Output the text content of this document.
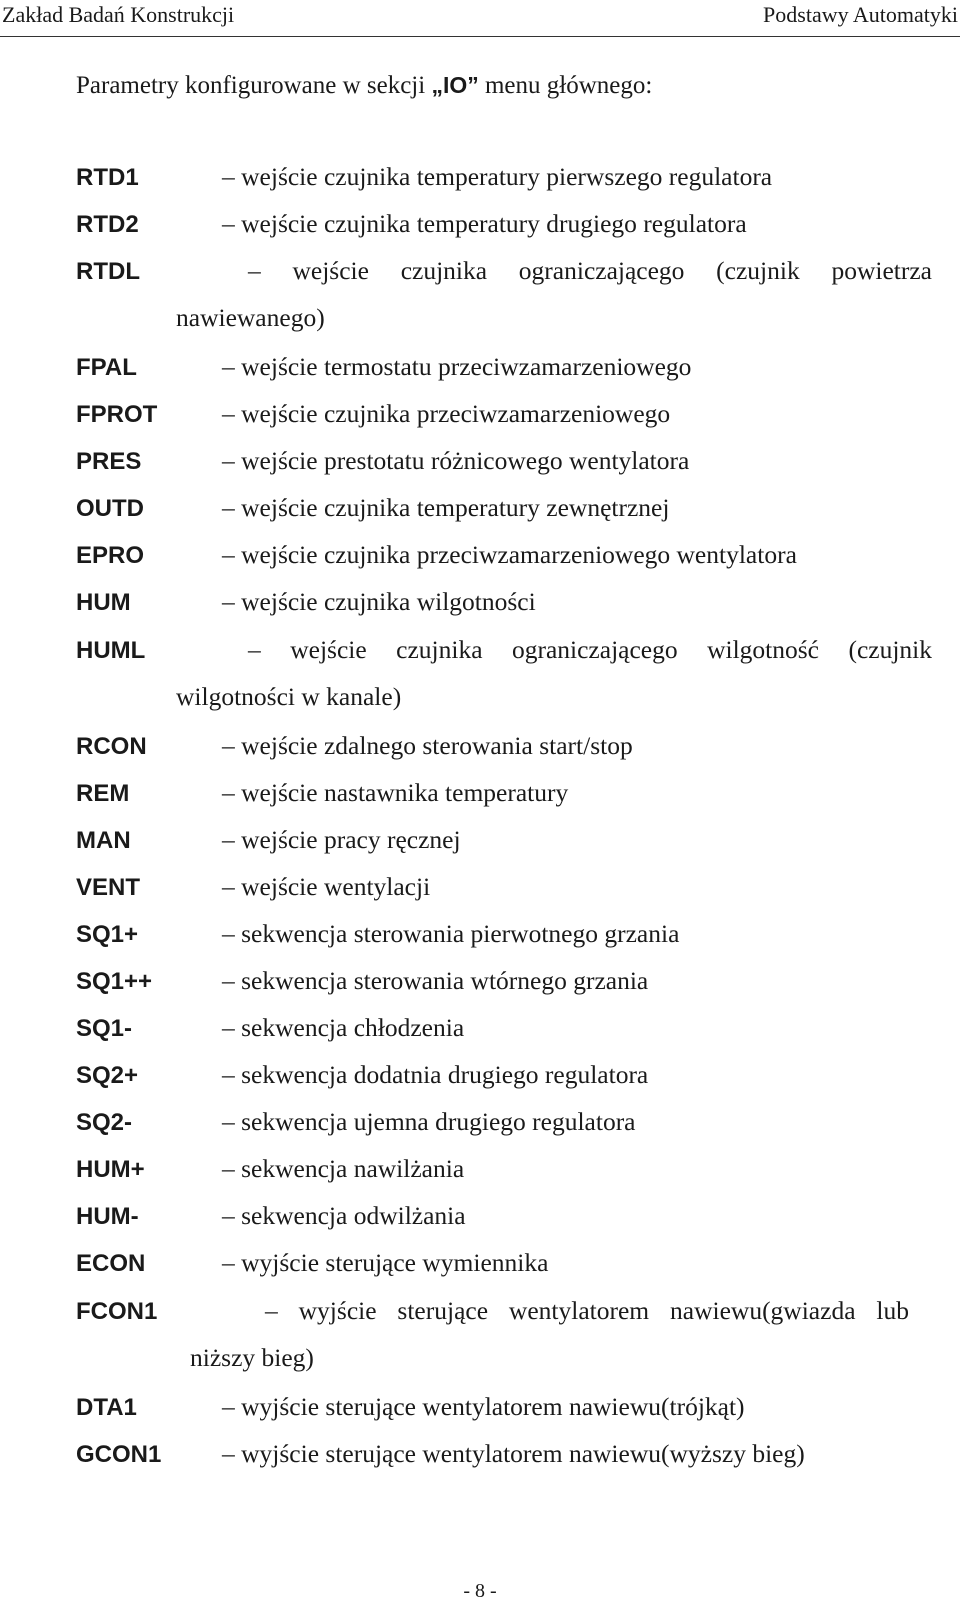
Zakład Badań Konstrukcji	Podstawy Automatyki
Parametry konfigurowane w sekcji „IO” menu głównego:
RTD1	– wejście czujnika temperatury pierwszego regulatora
RTD2	– wejście czujnika temperatury drugiego regulatora
RTDL	– wejście czujnika ograniczającego (czujnik powietrza
nawiewanego)
FPAL	– wejście termostatu przeciwzamarzeniowego
FPROT	– wejście czujnika przeciwzamarzeniowego
PRES	– wejście prestotatu różnicowego wentylatora
OUTD	– wejście czujnika temperatury zewnętrznej
EPRO	– wejście czujnika przeciwzamarzeniowego wentylatora
HUM	– wejście czujnika wilgotności
HUML	– wejście czujnika ograniczającego wilgotność (czujnik
wilgotności w kanale)
RCON	– wejście zdalnego sterowania start/stop
REM	– wejście nastawnika temperatury
MAN	– wejście pracy ręcznej
VENT	– wejście wentylacji
SQ1+	– sekwencja sterowania pierwotnego grzania
SQ1++	– sekwencja sterowania wtórnego grzania
SQ1-	– sekwencja chłodzenia
SQ2+	– sekwencja dodatnia drugiego regulatora
SQ2-	– sekwencja ujemna drugiego regulatora
HUM+	– sekwencja nawilżania
HUM-	– sekwencja odwilżania
ECON	– wyjście sterujące wymiennika
FCON1	– wyjście sterujące wentylatorem nawiewu(gwiazda lub
niższy bieg)
DTA1	– wyjście sterujące wentylatorem nawiewu(trójkąt)
GCON1 – wyjście sterujące wentylatorem nawiewu(wyższy bieg)
- 8 -
